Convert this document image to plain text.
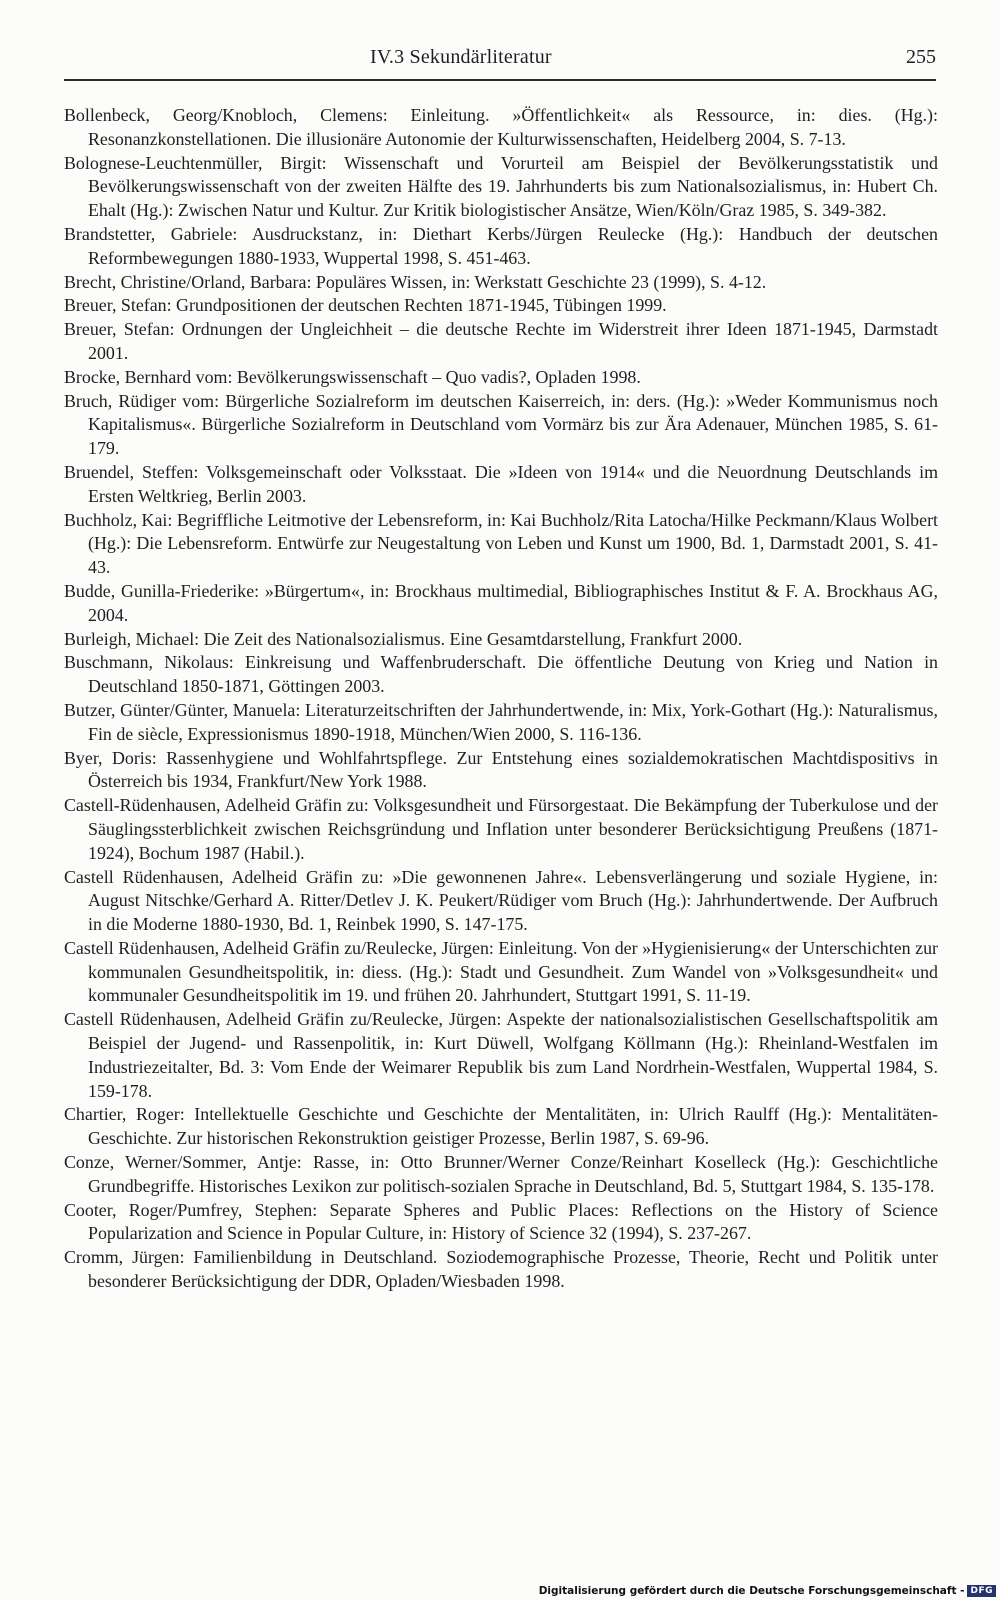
IV.3 Sekundärliteratur	255
Bollenbeck, Georg/Knobloch, Clemens: Einleitung. »Öffentlichkeit« als Ressource, in: dies. (Hg.): Resonanzkonstellationen. Die illusionäre Autonomie der Kulturwissenschaften, Heidelberg 2004, S. 7-13.
Bolognese-Leuchtenmüller, Birgit: Wissenschaft und Vorurteil am Beispiel der Bevölkerungsstatistik und Bevölkerungswissenschaft von der zweiten Hälfte des 19. Jahrhunderts bis zum Nationalsozialismus, in: Hubert Ch. Ehalt (Hg.): Zwischen Natur und Kultur. Zur Kritik biologistischer Ansätze, Wien/Köln/Graz 1985, S. 349-382.
Brandstetter, Gabriele: Ausdruckstanz, in: Diethart Kerbs/Jürgen Reulecke (Hg.): Handbuch der deutschen Reformbewegungen 1880-1933, Wuppertal 1998, S. 451-463.
Brecht, Christine/Orland, Barbara: Populäres Wissen, in: Werkstatt Geschichte 23 (1999), S. 4-12.
Breuer, Stefan: Grundpositionen der deutschen Rechten 1871-1945, Tübingen 1999.
Breuer, Stefan: Ordnungen der Ungleichheit – die deutsche Rechte im Widerstreit ihrer Ideen 1871-1945, Darmstadt 2001.
Brocke, Bernhard vom: Bevölkerungswissenschaft – Quo vadis?, Opladen 1998.
Bruch, Rüdiger vom: Bürgerliche Sozialreform im deutschen Kaiserreich, in: ders. (Hg.): »Weder Kommunismus noch Kapitalismus«. Bürgerliche Sozialreform in Deutschland vom Vormärz bis zur Ära Adenauer, München 1985, S. 61-179.
Bruendel, Steffen: Volksgemeinschaft oder Volksstaat. Die »Ideen von 1914« und die Neuordnung Deutschlands im Ersten Weltkrieg, Berlin 2003.
Buchholz, Kai: Begriffliche Leitmotive der Lebensreform, in: Kai Buchholz/Rita Latocha/Hilke Peckmann/Klaus Wolbert (Hg.): Die Lebensreform. Entwürfe zur Neugestaltung von Leben und Kunst um 1900, Bd. 1, Darmstadt 2001, S. 41-43.
Budde, Gunilla-Friederike: »Bürgertum«, in: Brockhaus multimedial, Bibliographisches Institut & F. A. Brockhaus AG, 2004.
Burleigh, Michael: Die Zeit des Nationalsozialismus. Eine Gesamtdarstellung, Frankfurt 2000.
Buschmann, Nikolaus: Einkreisung und Waffenbruderschaft. Die öffentliche Deutung von Krieg und Nation in Deutschland 1850-1871, Göttingen 2003.
Butzer, Günter/Günter, Manuela: Literaturzeitschriften der Jahrhundertwende, in: Mix, York-Gothart (Hg.): Naturalismus, Fin de siècle, Expressionismus 1890-1918, München/Wien 2000, S. 116-136.
Byer, Doris: Rassenhygiene und Wohlfahrtspflege. Zur Entstehung eines sozialdemokratischen Machtdispositivs in Österreich bis 1934, Frankfurt/New York 1988.
Castell-Rüdenhausen, Adelheid Gräfin zu: Volksgesundheit und Fürsorgestaat. Die Bekämpfung der Tuberkulose und der Säuglingssterblichkeit zwischen Reichsgründung und Inflation unter besonderer Berücksichtigung Preußens (1871-1924), Bochum 1987 (Habil.).
Castell Rüdenhausen, Adelheid Gräfin zu: »Die gewonnenen Jahre«. Lebensverlängerung und soziale Hygiene, in: August Nitschke/Gerhard A. Ritter/Detlev J. K. Peukert/Rüdiger vom Bruch (Hg.): Jahrhundertwende. Der Aufbruch in die Moderne 1880-1930, Bd. 1, Reinbek 1990, S. 147-175.
Castell Rüdenhausen, Adelheid Gräfin zu/Reulecke, Jürgen: Einleitung. Von der »Hygienisierung« der Unterschichten zur kommunalen Gesundheitspolitik, in: diess. (Hg.): Stadt und Gesundheit. Zum Wandel von »Volksgesundheit« und kommunaler Gesundheitspolitik im 19. und frühen 20. Jahrhundert, Stuttgart 1991, S. 11-19.
Castell Rüdenhausen, Adelheid Gräfin zu/Reulecke, Jürgen: Aspekte der nationalsozialistischen Gesellschaftspolitik am Beispiel der Jugend- und Rassenpolitik, in: Kurt Düwell, Wolfgang Köllmann (Hg.): Rheinland-Westfalen im Industriezeitalter, Bd. 3: Vom Ende der Weimarer Republik bis zum Land Nordrhein-Westfalen, Wuppertal 1984, S. 159-178.
Chartier, Roger: Intellektuelle Geschichte und Geschichte der Mentalitäten, in: Ulrich Raulff (Hg.): Mentalitäten-Geschichte. Zur historischen Rekonstruktion geistiger Prozesse, Berlin 1987, S. 69-96.
Conze, Werner/Sommer, Antje: Rasse, in: Otto Brunner/Werner Conze/Reinhart Koselleck (Hg.): Geschichtliche Grundbegriffe. Historisches Lexikon zur politisch-sozialen Sprache in Deutschland, Bd. 5, Stuttgart 1984, S. 135-178.
Cooter, Roger/Pumfrey, Stephen: Separate Spheres and Public Places: Reflections on the History of Science Popularization and Science in Popular Culture, in: History of Science 32 (1994), S. 237-267.
Cromm, Jürgen: Familienbildung in Deutschland. Soziodemographische Prozesse, Theorie, Recht und Politik unter besonderer Berücksichtigung der DDR, Opladen/Wiesbaden 1998.
Digitalisierung gefördert durch die Deutsche Forschungsgemeinschaft - DFG
